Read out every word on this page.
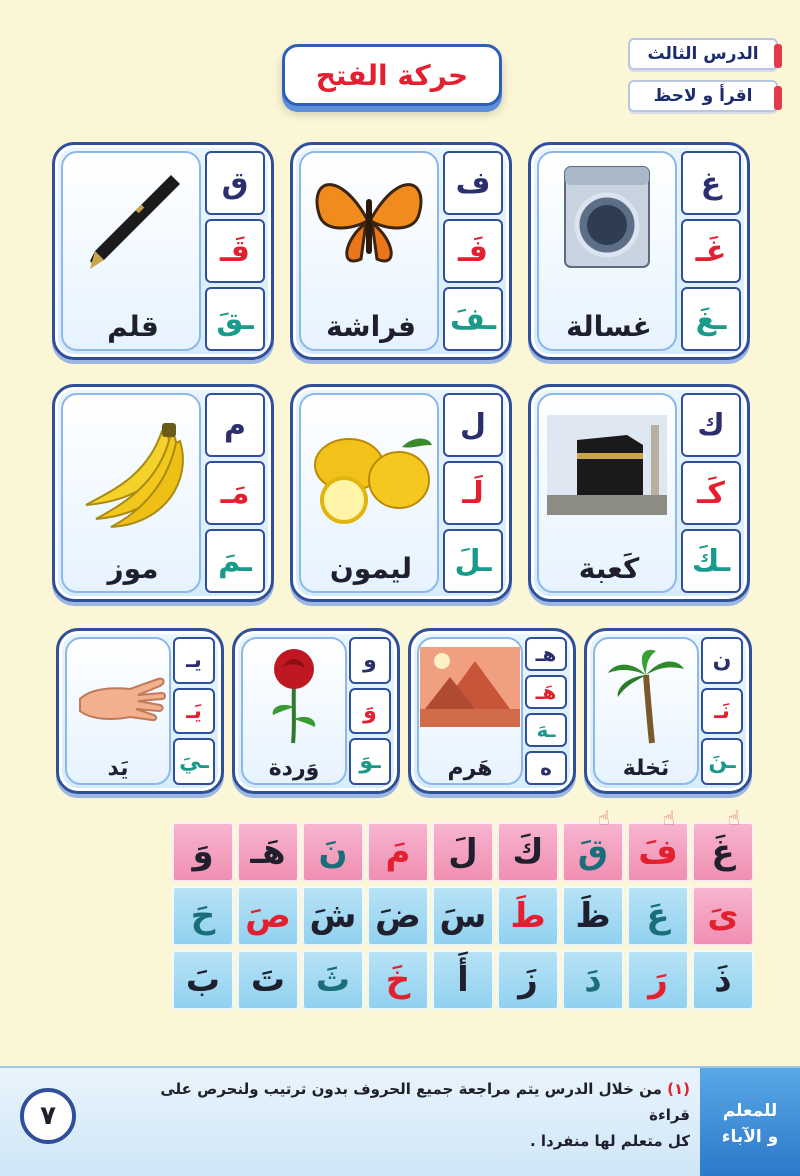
الدرس الثالث
اقرأ و لاحظ
حركة الفتح
غ
غَـ
ـغَ
غسالة
ف
فَـ
ـفَ
فراشة
ق
قَـ
ـقَ
قلم
ك
كَـ
ـكَ
كَعبة
ل
لَـ
ـلَ
ليمون
م
مَـ
ـمَ
موز
ن
نَـ
ـنَ
نَخلة
هـ
هَـ
ـهَ
ه
هَرم
و
وَ
ـوَ
وَردة
يـ
يَـ
ـيَ
يَد
غَ
☝
فَ
☝
قَ
☝
كَ
لَ
مَ
نَ
هَـ
وَ
ىَ
عَ
ظَ
طَ
سَ
ضَ
شَ
صَ
حَ
ذَ
رَ
دَ
زَ
أَ
خَ
ثَ
تَ
بَ
للمعلم
و الآباء
(١) من خلال الدرس يتم مراجعة جميع الحروف بدون ترتيب ولنحرص على قراءة
كل متعلم لها منفردا .
٧
